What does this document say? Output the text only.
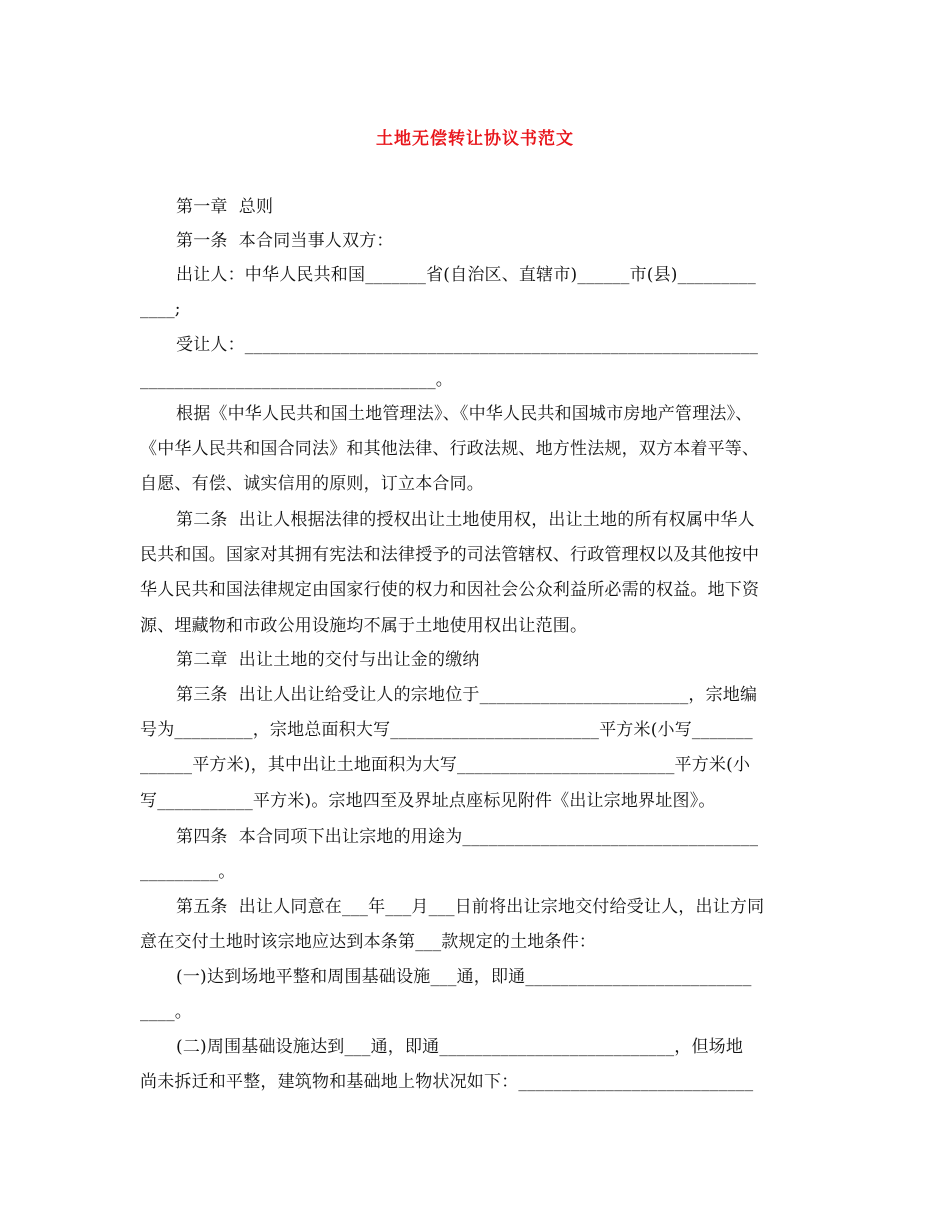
土地无偿转让协议书范文
第一章  总则
第一条  本合同当事人双方：
出让人：中华人民共和国_______省(自治区、直辖市)______市(县)_________
____;
受让人：___________________________________________________________
__________________________________。
根据《中华人民共和国土地管理法》、《中华人民共和国城市房地产管理法》、
《中华人民共和国合同法》和其他法律、行政法规、地方性法规，双方本着平等、
自愿、有偿、诚实信用的原则，订立本合同。
第二条  出让人根据法律的授权出让土地使用权，出让土地的所有权属中华人
民共和国。国家对其拥有宪法和法律授予的司法管辖权、行政管理权以及其他按中
华人民共和国法律规定由国家行使的权力和因社会公众利益所必需的权益。地下资
源、埋藏物和市政公用设施均不属于土地使用权出让范围。
第二章  出让土地的交付与出让金的缴纳
第三条  出让人出让给受让人的宗地位于________________________，宗地编
号为_________，宗地总面积大写________________________平方米(小写_______
______平方米)，其中出让土地面积为大写_________________________平方米(小
写___________平方米)。宗地四至及界址点座标见附件《出让宗地界址图》。
第四条  本合同项下出让宗地的用途为__________________________________
_________。
第五条  出让人同意在___年___月___日前将出让宗地交付给受让人，出让方同
意在交付土地时该宗地应达到本条第___款规定的土地条件：
(一)达到场地平整和周围基础设施___通，即通__________________________
____。
(二)周围基础设施达到___通，即通___________________________，但场地
尚未拆迁和平整，建筑物和基础地上物状况如下：___________________________
